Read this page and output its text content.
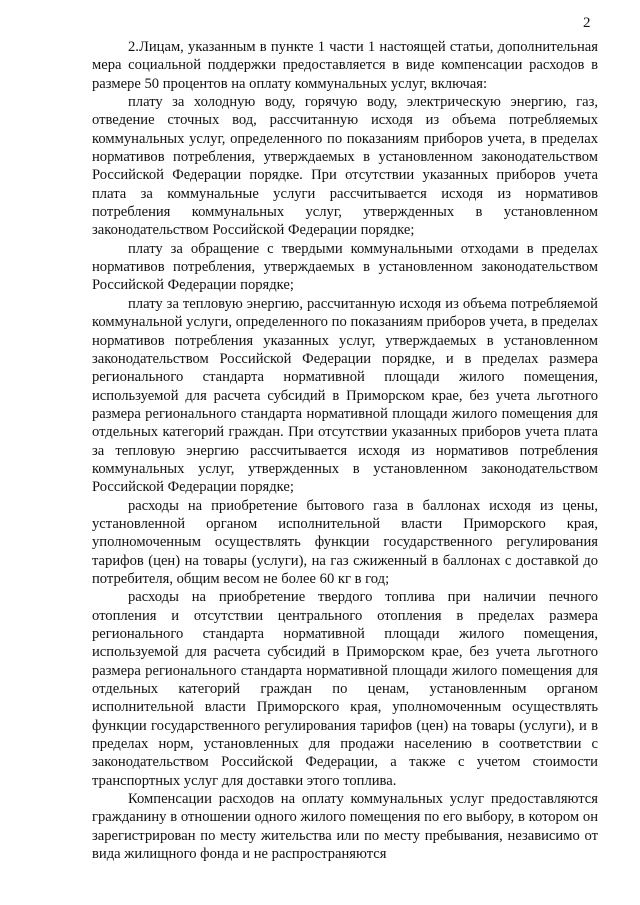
2

2.Лицам, указанным в пункте 1 части 1 настоящей статьи, дополнительная мера социальной поддержки предоставляется в виде компенсации расходов в размере 50 процентов на оплату коммунальных услуг, включая:

плату за холодную воду, горячую воду, электрическую энергию, газ, отведение сточных вод, рассчитанную исходя из объема потребляемых коммунальных услуг, определенного по показаниям приборов учета, в пределах нормативов потребления, утверждаемых в установленном законодательством Российской Федерации порядке. При отсутствии указанных приборов учета плата за коммунальные услуги рассчитывается исходя из нормативов потребления коммунальных услуг, утвержденных в установленном законодательством Российской Федерации порядке;

плату за обращение с твердыми коммунальными отходами в пределах нормативов потребления, утверждаемых в установленном законодательством Российской Федерации порядке;

плату за тепловую энергию, рассчитанную исходя из объема потребляемой коммунальной услуги, определенного по показаниям приборов учета, в пределах нормативов потребления указанных услуг, утверждаемых в установленном законодательством Российской Федерации порядке, и в пределах размера регионального стандарта нормативной площади жилого помещения, используемой для расчета субсидий в Приморском крае, без учета льготного размера регионального стандарта нормативной площади жилого помещения для отдельных категорий граждан. При отсутствии указанных приборов учета плата за тепловую энергию рассчитывается исходя из нормативов потребления коммунальных услуг, утвержденных в установленном законодательством Российской Федерации порядке;

расходы на приобретение бытового газа в баллонах исходя из цены, установленной органом исполнительной власти Приморского края, уполномоченным осуществлять функции государственного регулирования тарифов (цен) на товары (услуги), на газ сжиженный в баллонах с доставкой до потребителя, общим весом не более 60 кг в год;

расходы на приобретение твердого топлива при наличии печного отопления и отсутствии центрального отопления в пределах размера регионального стандарта нормативной площади жилого помещения, используемой для расчета субсидий в Приморском крае, без учета льготного размера регионального стандарта нормативной площади жилого помещения для отдельных категорий граждан по ценам, установленным органом исполнительной власти Приморского края, уполномоченным осуществлять функции государственного регулирования тарифов (цен) на товары (услуги), и в пределах норм, установленных для продажи населению в соответствии с законодательством Российской Федерации, а также с учетом стоимости транспортных услуг для доставки этого топлива.

Компенсации расходов на оплату коммунальных услуг предоставляются гражданину в отношении одного жилого помещения по его выбору, в котором он зарегистрирован по месту жительства или по месту пребывания, независимо от вида жилищного фонда и не распространяются
